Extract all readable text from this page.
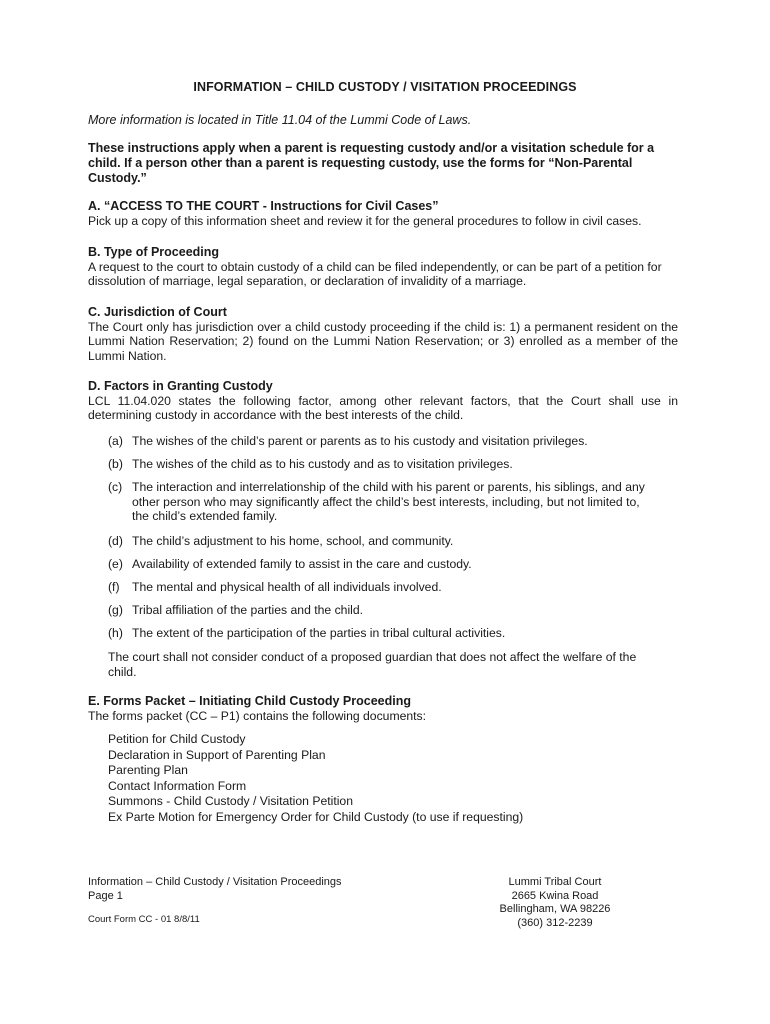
INFORMATION – CHILD CUSTODY / VISITATION PROCEEDINGS
More information is located in Title 11.04 of the Lummi Code of Laws.
These instructions apply when a parent is requesting custody and/or a visitation schedule for a child. If a person other than a parent is requesting custody, use the forms for “Non-Parental Custody.”
A. “ACCESS TO THE COURT - Instructions for Civil Cases”
Pick up a copy of this information sheet and review it for the general procedures to follow in civil cases.
B. Type of Proceeding
A request to the court to obtain custody of a child can be filed independently, or can be part of a petition for dissolution of marriage, legal separation, or declaration of invalidity of a marriage.
C. Jurisdiction of Court
The Court only has jurisdiction over a child custody proceeding if the child is: 1) a permanent resident on the Lummi Nation Reservation; 2) found on the Lummi Nation Reservation; or 3) enrolled as a member of the Lummi Nation.
D. Factors in Granting Custody
LCL 11.04.020 states the following factor, among other relevant factors, that the Court shall use in determining custody in accordance with the best interests of the child.
(a) The wishes of the child’s parent or parents as to his custody and visitation privileges.
(b) The wishes of the child as to his custody and as to visitation privileges.
(c) The interaction and interrelationship of the child with his parent or parents, his siblings, and any other person who may significantly affect the child’s best interests, including, but not limited to, the child’s extended family.
(d) The child’s adjustment to his home, school, and community.
(e) Availability of extended family to assist in the care and custody.
(f)	The mental and physical health of all individuals involved.
(g) Tribal affiliation of the parties and the child.
(h) The extent of the participation of the parties in tribal cultural activities.
The court shall not consider conduct of a proposed guardian that does not affect the welfare of the child.
E. Forms Packet – Initiating Child Custody Proceeding
The forms packet (CC – P1) contains the following documents:
Petition for Child Custody
Declaration in Support of Parenting Plan
Parenting Plan
Contact Information Form
Summons - Child Custody / Visitation Petition
Ex Parte Motion for Emergency Order for Child Custody (to use if requesting)
Information – Child Custody / Visitation Proceedings
Page 1
Court Form CC - 01 8/8/11
Lummi Tribal Court
2665 Kwina Road
Bellingham, WA 98226
(360) 312-2239
